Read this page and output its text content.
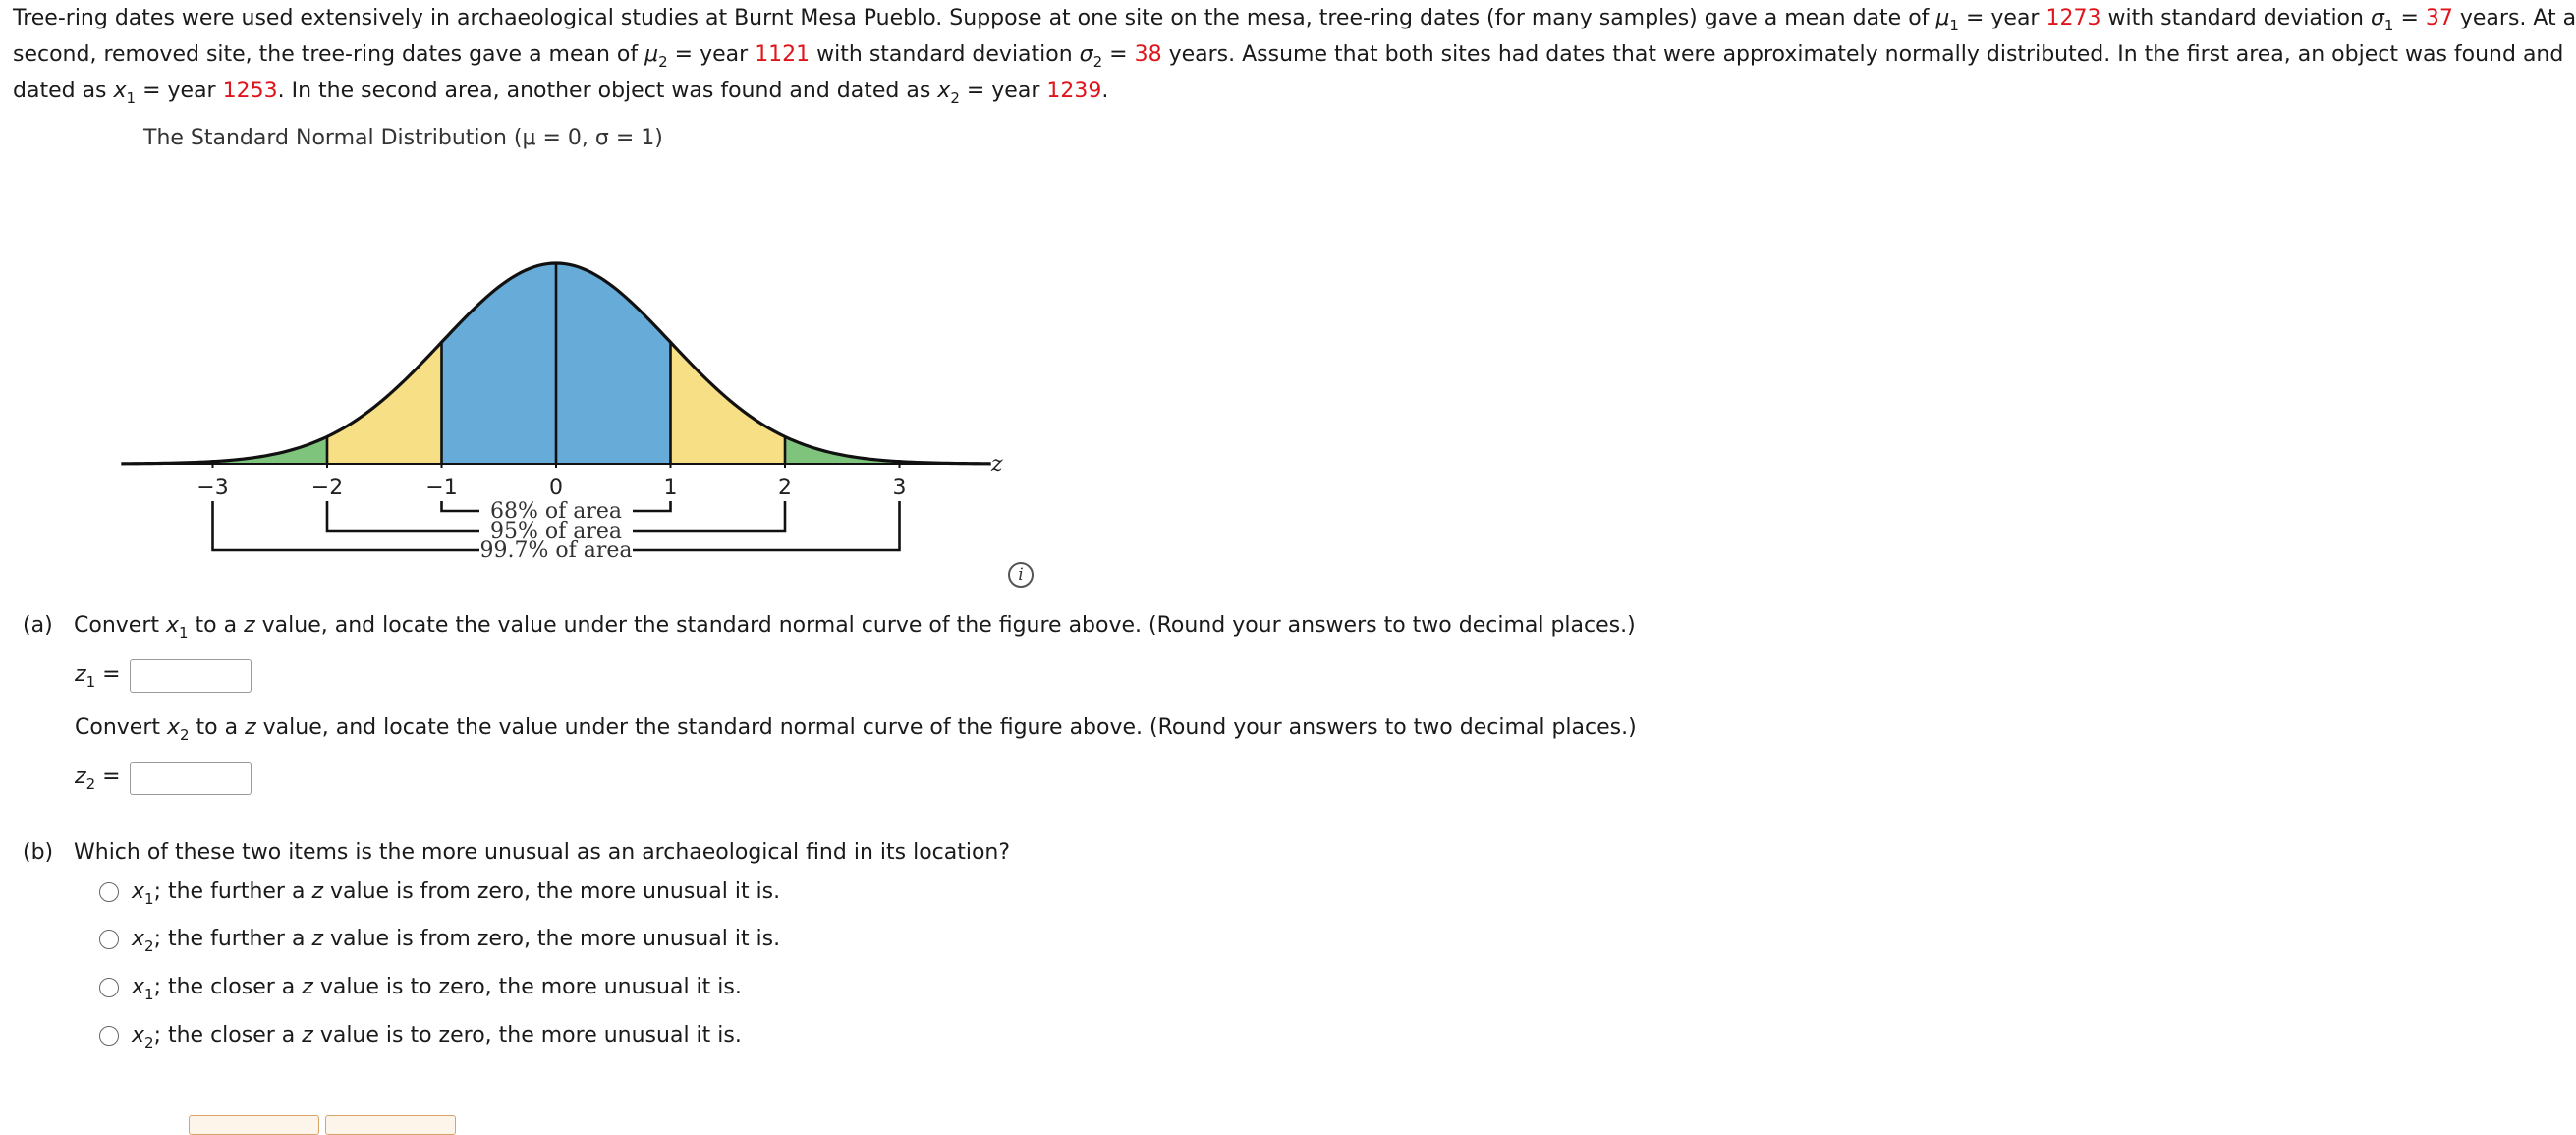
Tree-ring dates were used extensively in archaeological studies at Burnt Mesa Pueblo. Suppose at one site on the mesa, tree-ring dates (for many samples) gave a mean date of $\mu_1$ = year 1273 with standard deviation $\sigma_1 = 37$ years. At a
second, removed site, the tree-ring dates gave a mean of $\mu_2$ = year 1121 with standard deviation $\sigma_2 = 38$ years. Assume that both sites had dates that were approximately normally distributed. In the first area, an object was found and
dated as $x_1$ = year 1253. In the second area, another object was found and dated as $x_2$ = year 1239.
The Standard Normal Distribution (μ = 0, σ = 1)
z
−3	−2	−1	0	1	2	3
68% of area
95% of area
99.7% of area
i
(a) Convert $x_1$ to a z value, and locate the value under the standard normal curve of the figure above. (Round your answers to two decimal places.)
$z_1$ =
Convert $x_2$ to a z value, and locate the value under the standard normal curve of the figure above. (Round your answers to two decimal places.)
$z_2$ =
(b) Which of these two items is the more unusual as an archaeological find in its location?
$x_1$; the further a z value is from zero, the more unusual it is.
$x_2$; the further a z value is from zero, the more unusual it is.
$x_1$; the closer a z value is to zero, the more unusual it is.
$x_2$; the closer a z value is to zero, the more unusual it is.
